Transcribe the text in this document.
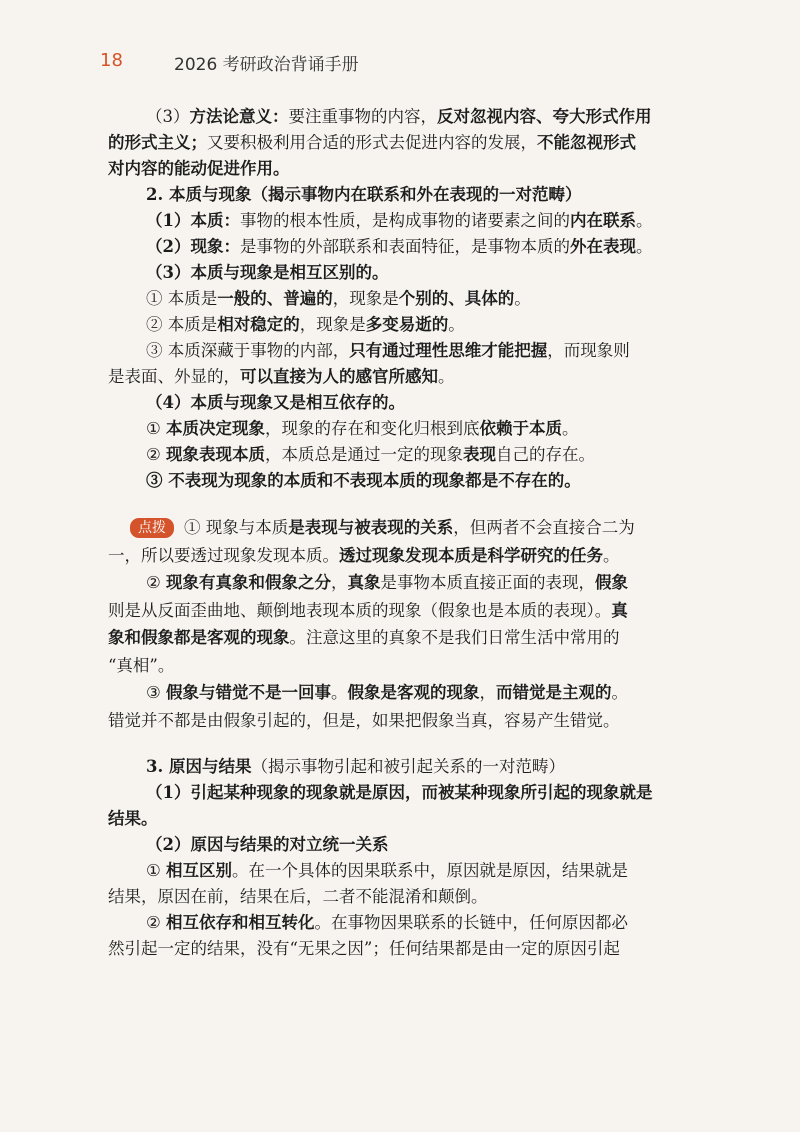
18	2026 考研政治背诵手册
（3）方法论意义：要注重事物的内容，反对忽视内容、夸大形式作用
的形式主义；又要积极利用合适的形式去促进内容的发展，不能忽视形式
对内容的能动促进作用。
2. 本质与现象（揭示事物内在联系和外在表现的一对范畴）
（1）本质：事物的根本性质，是构成事物的诸要素之间的内在联系。
（2）现象：是事物的外部联系和表面特征，是事物本质的外在表现。
（3）本质与现象是相互区别的。
① 本质是一般的、普遍的，现象是个别的、具体的。
② 本质是相对稳定的，现象是多变易逝的。
③ 本质深藏于事物的内部，只有通过理性思维才能把握，而现象则
是表面、外显的，可以直接为人的感官所感知。
（4）本质与现象又是相互依存的。
① 本质决定现象，现象的存在和变化归根到底依赖于本质。
② 现象表现本质，本质总是通过一定的现象表现自己的存在。
③ 不表现为现象的本质和不表现本质的现象都是不存在的。
点拨 ① 现象与本质是表现与被表现的关系，但两者不会直接合二为
一，所以要透过现象发现本质。透过现象发现本质是科学研究的任务。
② 现象有真象和假象之分，真象是事物本质直接正面的表现，假象
则是从反面歪曲地、颠倒地表现本质的现象（假象也是本质的表现）。真
象和假象都是客观的现象。注意这里的真象不是我们日常生活中常用的
“真相”。
③ 假象与错觉不是一回事。假象是客观的现象，而错觉是主观的。
错觉并不都是由假象引起的，但是，如果把假象当真，容易产生错觉。
3. 原因与结果（揭示事物引起和被引起关系的一对范畴）
（1）引起某种现象的现象就是原因，而被某种现象所引起的现象就是
结果。
（2）原因与结果的对立统一关系
① 相互区别。在一个具体的因果联系中，原因就是原因，结果就是
结果，原因在前，结果在后，二者不能混淆和颠倒。
② 相互依存和相互转化。在事物因果联系的长链中，任何原因都必
然引起一定的结果，没有“无果之因”；任何结果都是由一定的原因引起
